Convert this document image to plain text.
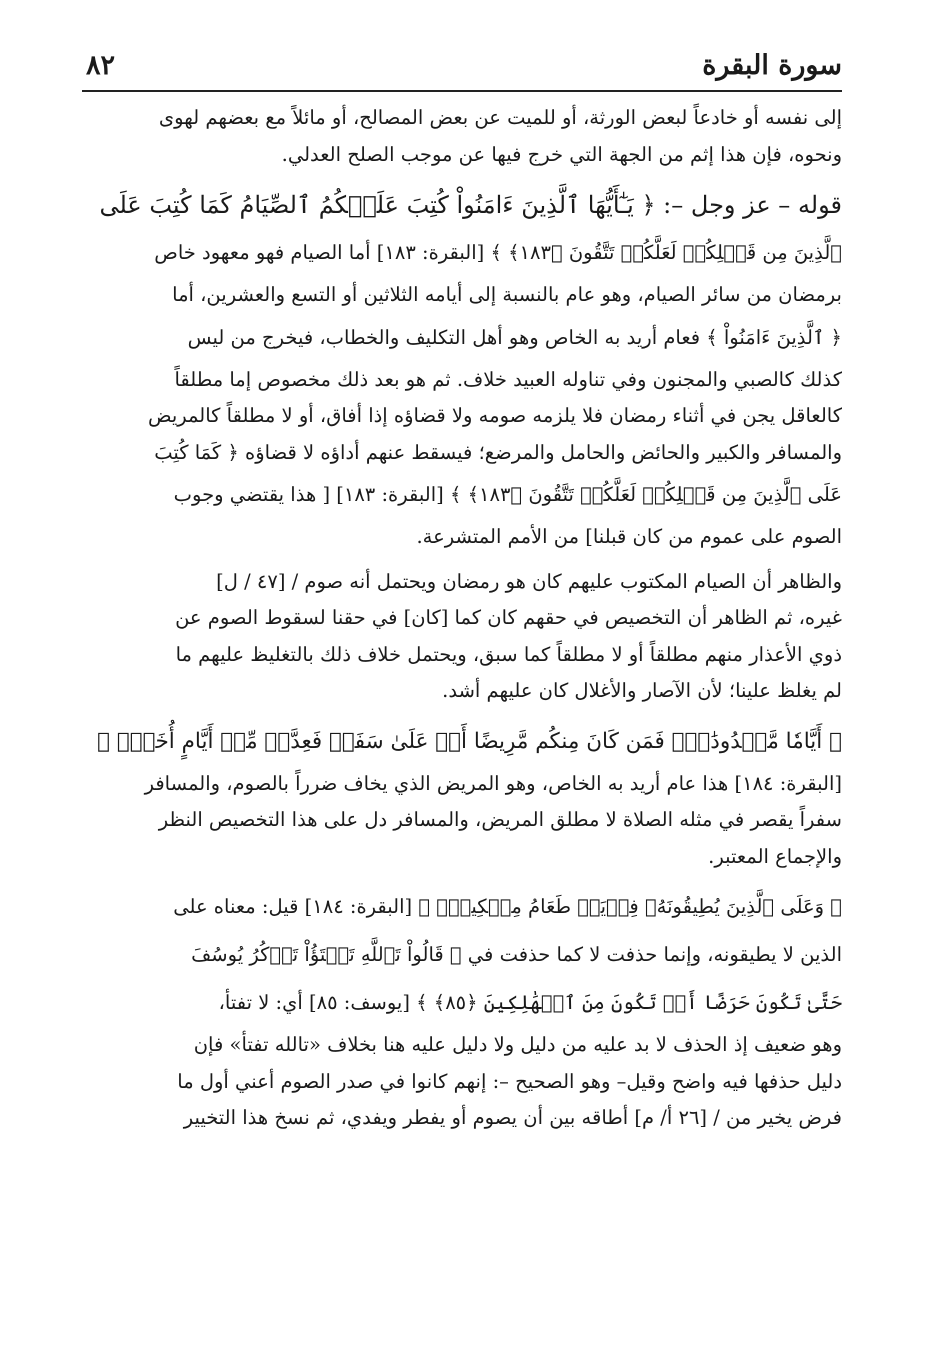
سورة البقرة
٨٢
إلى نفسه أو خادعاً لبعض الورثة، أو للميت عن بعض المصالح، أو مائلاً مع بعضهم لهوى
ونحوه، فإن هذا إثم من الجهة التي خرج فيها عن موجب الصلح العدلي.
قوله – عز وجل –: ﴿ يَـٰٓأَيُّهَا ٱلَّذِينَ ءَامَنُواْ كُتِبَ عَلَيۡكُمُ ٱلصِّيَامُ كَمَا كُتِبَ عَلَى
ٱلَّذِينَ مِن قَبۡلِكُمۡ لَعَلَّكُمۡ تَتَّقُونَ ﴿١٨٣﴾ ﴾ [البقرة: ١٨٣] أما الصيام فهو معهود خاص
برمضان من سائر الصيام، وهو عام بالنسبة إلى أيامه الثلاثين أو التسع والعشرين، أما
﴿ ٱلَّذِينَ ءَامَنُواْ ﴾ فعام أريد به الخاص وهو أهل التكليف والخطاب، فيخرج من ليس
كذلك كالصبي والمجنون وفي تناوله العبيد خلاف. ثم هو بعد ذلك مخصوص إما مطلقاً
كالعاقل يجن في أثناء رمضان فلا يلزمه صومه ولا قضاؤه إذا أفاق، أو لا مطلقاً كالمريض
والمسافر والكبير والحائض والحامل والمرضع؛ فيسقط عنهم أداؤه لا قضاؤه ﴿ كَمَا كُتِبَ
عَلَى ٱلَّذِينَ مِن قَبۡلِكُمۡ لَعَلَّكُمۡ تَتَّقُونَ ﴿١٨٣﴾ ﴾ [البقرة: ١٨٣] [ هذا يقتضي وجوب
الصوم على عموم من كان قبلنا] من الأمم المتشرعة.
والظاهر أن الصيام المكتوب عليهم كان هو رمضان ويحتمل أنه صوم / [٤٧ / ل]
غيره، ثم الظاهر أن التخصيص في حقهم كان كما [كان] في حقنا لسقوط الصوم عن
ذوي الأعذار منهم مطلقاً أو لا مطلقاً كما سبق، ويحتمل خلاف ذلك بالتغليظ عليهم ما
لم يغلظ علينا؛ لأن الآصار والأغلال كان عليهم أشد.
﴿ أَيَّامٗا مَّعۡدُودَٰتٖۚ فَمَن كَانَ مِنكُم مَّرِيضًا أَوۡ عَلَىٰ سَفَرٖ فَعِدَّةٞ مِّنۡ أَيَّامٍ أُخَرَۚ ﴾
[البقرة: ١٨٤] هذا عام أريد به الخاص، وهو المريض الذي يخاف ضرراً بالصوم، والمسافر
سفراً يقصر في مثله الصلاة لا مطلق المريض، والمسافر دل على هذا التخصيص النظر
والإجماع المعتبر.
﴿ وَعَلَى ٱلَّذِينَ يُطِيقُونَهُۥ فِدۡيَةٞ طَعَامُ مِسۡكِينٖۖ ﴾ [البقرة: ١٨٤] قيل: معناه على
الذين لا يطيقونه، وإنما حذفت لا كما حذفت في ﴿ قَالُواْ تَٱللَّهِ تَفۡتَؤُاْ تَذۡكُرُ يُوسُفَ
حَتَّىٰ تَكُونَ حَرَضًا أَوۡ تَكُونَ مِنَ ٱلۡهَٰلِكِينَ ﴿٨٥﴾ ﴾ [يوسف: ٨٥] أي: لا تفتأ،
وهو ضعيف إذ الحذف لا بد عليه من دليل ولا دليل عليه هنا بخلاف «تالله تفتأ» فإن
دليل حذفها فيه واضح وقيل– وهو الصحيح –: إنهم كانوا في صدر الصوم أعني أول ما
فرض يخير من / [٢٦ أ/ م] أطاقه بين أن يصوم أو يفطر ويفدي، ثم نسخ هذا التخيير
